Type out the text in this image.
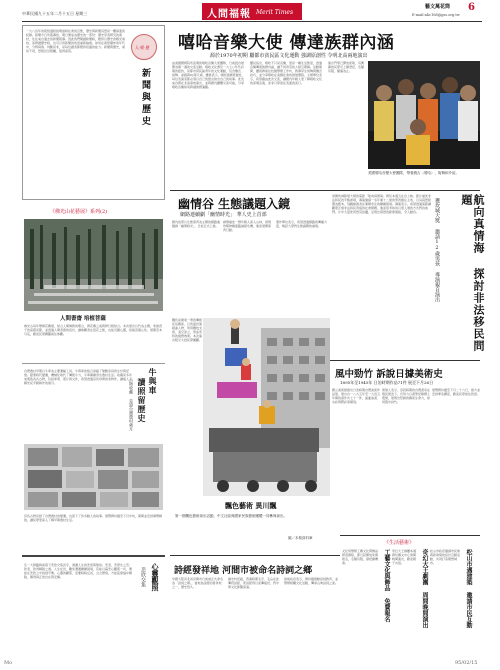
中華民國九十五年二月十五日 星期三	人間福報 Merit Times
藝文萬花筒 6
E-mail:nhc168@gss.org.tw
一九八四年的報紙頭版說明當時社會的百態，歷史與新聞其實是一體兩面的紀錄。新聞今日所報導的，明日便成為歷史的一部份；歷史學者研究的素材，往往來自過去的新聞報導。因此我們閱讀新聞時，應該以歷史的眼光看待，而研讀歷史時，也可以用新聞的角度重新檢視。如何在資訊爆炸的年代中，分辨真偽、判斷是非，是每位讀者都應該培養的能力。新聞與歷史，看似不同，實則息息相關，值得深思。
人·經·歷
新聞與歷史
《佛光山花藝展》系列(2)
人間書齋 培植菩薩
佛光山每年舉辦花藝展，結合人間佛教的理念，將花藝之美與修行相結合。本次展出以竹為主題，象徵君子的高風亮節，並透過人間書齋的設計，讓參觀者在賞花之餘，也能沉澱心靈，培植菩薩心性。展期至本月底，歡迎民眾踴躍前往參觀。
台灣農村早期以牛車為主要運輸工具，牛與車的組合承載了無數家庭的生計與記憶。隨著時代變遷，機械化取代了傳統牛力，牛車漸漸退出農村生活。收藏家多年來蒐集各式古物，包括車票、照片與文件，希望透過這些珍貴的老物件，讓後人了解先民辛勤耕作的歲月。	牛與車
讀照留歷史
古物收藏 見證台灣農村歲月
這些古物見證了台灣農村的變遷，也留下了許多動人的故事。展覽將持續至下月中旬，期間並安排導覽解說，讓民眾更深入了解早期農村生活。
心靈觀照
悲欣交集
弘一大師臨終前寫下悲欣交集四字，道盡人生的悲喜與無常。悲者，悲眾生之苦；欣者，欣得解脫之道。人生在世，難免遭遇種種困境，若能以慈悲心觀照一切，便能在悲欣之中找到平衡。心靈的觀照，需要時時反省，念念覺察，方能從煩惱中解脫，獲得真正的自在與安樂。
嘻哈音樂大使 傳達族群內涵
源於1970年初期 屬都市貧民區文化運動 強調原創性 令明北高兩地演出
由美國國務院所派遣的嘻哈音樂大使團隊，日前抵台展開為期一週的交流活動。嘻哈文化源於一九七○年代初期的紐約，是都市貧民區青年的文化運動，包含饒舌、街舞、塗鴉與DJ等元素。團員表示，嘻哈強調原創性，每位表演者都必須以自己的語言說出自己的故事。此次來台將在北高兩地演出，並與國內團體交流切磋，分享嘻哈音樂如何跨越族群藩籬。
團長指出，嘻哈不只是音樂，更是一種生活態度，透過音樂傳達族群內涵，讓不同背景的人相互理解。活動期間，團員將前往校園舉辦工作坊，教導學生街舞與饒舌技巧，並分享嘻哈在美國社會的發展歷程。主辦單位表示，希望藉由此次交流，讓國內年輕人更了解嘻哈文化的深層意義，而非只停留在表面的流行。
演出門票已開放索取，有興趣的民眾可上網登記，名額有限，額滿為止。
美國嘻哈音樂大使團隊，帶著饒舌（嘻哈）、街舞和介紹。
幽情谷 生態議題入鏡
網路連續劇「幽情時光」 華人史上首部
國內首部以生態保育為主題的網路連續劇「幽情時光」，日前正式上線。
劇情描述一群年輕人深入山林，發現珍稀物種面臨滅絕危機，進而展開保育行動。
製作單位表示，希望透過網路的傳播力量，喚起大眾對生態議題的重視。
飄色是廣東一帶的傳統民俗藝術，以孩童扮演戲曲人物，利用鐵枝支撐，凌空而立，形成奇特的視覺效果。本次演出吸引大批民眾圍觀。
飄色藝術 異川飄
第一期飄色藝術演出活動，中文社區與國家民族藝術團體一同參與演出。
圖／本報資料庫
榮獲坎城影展大獎的電影「航向真情海」將於本週五在台上映。影片描述非法移民的辛酸處境，導演邀請一名年僅十二歲的男孩擔任主角，以其真實經歷為藍本，刻劃偷渡者在異鄉求生的種種困境。導演表示，希望透過電影讓觀眾正視非法移民背後的社會問題，進而思考如何以更人道的方式對待他們。片中大量使用實景拍攝，呈現出寫實的影像風格，令人動容。	航向真情海 探討非法移民問題
獲坎城大獎 邀請12歲男孩 導演親自演出
風中勁竹 訴說日據美術史
1895年至1945年 日治時期作品71件 展至下月26日
國立美術館推出日治時期台灣美術作品展，展出自一八九五年至一九四五年間的畫作共七十一件，涵蓋油畫、水彩與膠彩等類別。
策展人表示，這段時期的台灣畫家在殖民統治下，仍努力以畫筆記錄鄉土風情，展現出堅韌的藝術生命力，如同風中勁竹。
展覽將持續至下月二十六日，館方並安排專家講座，歡迎民眾前往欣賞。
詩經發祥地 河間市被命名詩詞之鄉
中國大陸河北省河間市日前被正式命名為「詩詞之鄉」，當地為詩經的發祥地之一，歷史悠久。
據史料記載，西漢時期毛亨、毛萇在此傳授詩經，使詩經得以流傳後世，對中華文化影響深遠。
當地政府表示，將持續推動詩詞教育，並舉辦相關文化活動，傳承古典詩詞之美。
《生活藝術》
文化局舉辦工藝文化與飾品研習課程，即日起開放免費報名，名額有限，請把握機會。	工藝文化與飾品 免費報名 奇幻大王劇團本週將於藝文中心周間晚間演出，歡迎親子共賞。	奇幻大王劇團 周間晚間演出 松山市政府邀請市民參與新建築的設計互動活動，共同打造理想城市。	松山市邁建築 邀請市民互動
Mo	95/02/15
